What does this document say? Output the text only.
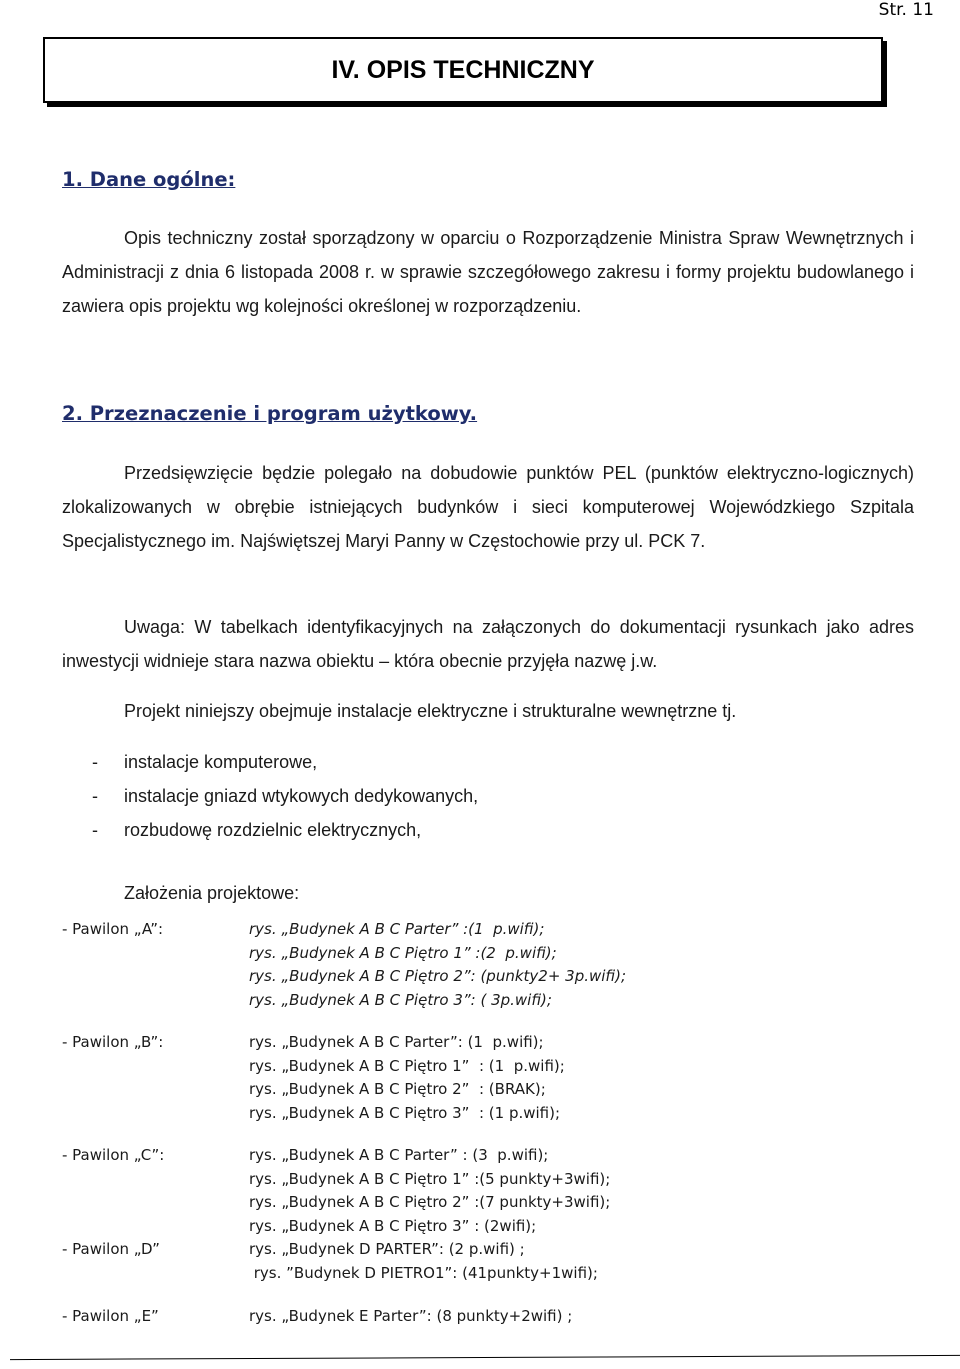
Str. 11
IV. OPIS TECHNICZNY
1. Dane ogólne:
Opis techniczny został sporządzony w oparciu o Rozporządzenie Ministra Spraw Wewnętrznych i Administracji z dnia 6 listopada 2008 r. w sprawie szczegółowego zakresu i formy projektu budowlanego i zawiera opis projektu wg kolejności określonej w rozporządzeniu.
2. Przeznaczenie i program użytkowy.
Przedsięwzięcie będzie polegało na dobudowie punktów PEL (punktów elektryczno-logicznych) zlokalizowanych w obrębie istniejących budynków i sieci komputerowej Wojewódzkiego Szpitala Specjalistycznego im. Najświętszej Maryi Panny w Częstochowie przy ul. PCK 7.
Uwaga: W tabelkach identyfikacyjnych na załączonych do dokumentacji rysunkach jako adres inwestycji widnieje stara nazwa obiektu – która obecnie przyjęła nazwę j.w.
Projekt niniejszy obejmuje instalacje elektryczne i strukturalne wewnętrzne tj.
- instalacje komputerowe,
- instalacje gniazd wtykowych dedykowanych,
- rozbudowę rozdzielnic elektrycznych,
Założenia projektowe:
- Pawilon „A”:	rys. „Budynek A B C Parter” :(1  p.wifi);
rys. „Budynek A B C Piętro 1” :(2  p.wifi);
rys. „Budynek A B C Piętro 2”: (punkty2+ 3p.wifi);
rys. „Budynek A B C Piętro 3”: ( 3p.wifi);
- Pawilon „B”:	rys. „Budynek A B C Parter”: (1  p.wifi);
rys. „Budynek A B C Piętro 1”  : (1  p.wifi);
rys. „Budynek A B C Piętro 2”  : (BRAK);
rys. „Budynek A B C Piętro 3”  : (1 p.wifi);
- Pawilon „C”:	rys. „Budynek A B C Parter” : (3  p.wifi);
rys. „Budynek A B C Piętro 1” :(5 punkty+3wifi);
rys. „Budynek A B C Piętro 2” :(7 punkty+3wifi);
rys. „Budynek A B C Piętro 3” : (2wifi);
- Pawilon „D”	rys. „Budynek D PARTER”: (2 p.wifi) ;
rys. ”Budynek D PIETRO1”: (41punkty+1wifi);
- Pawilon „E”	rys. „Budynek E Parter”: (8 punkty+2wifi) ;
